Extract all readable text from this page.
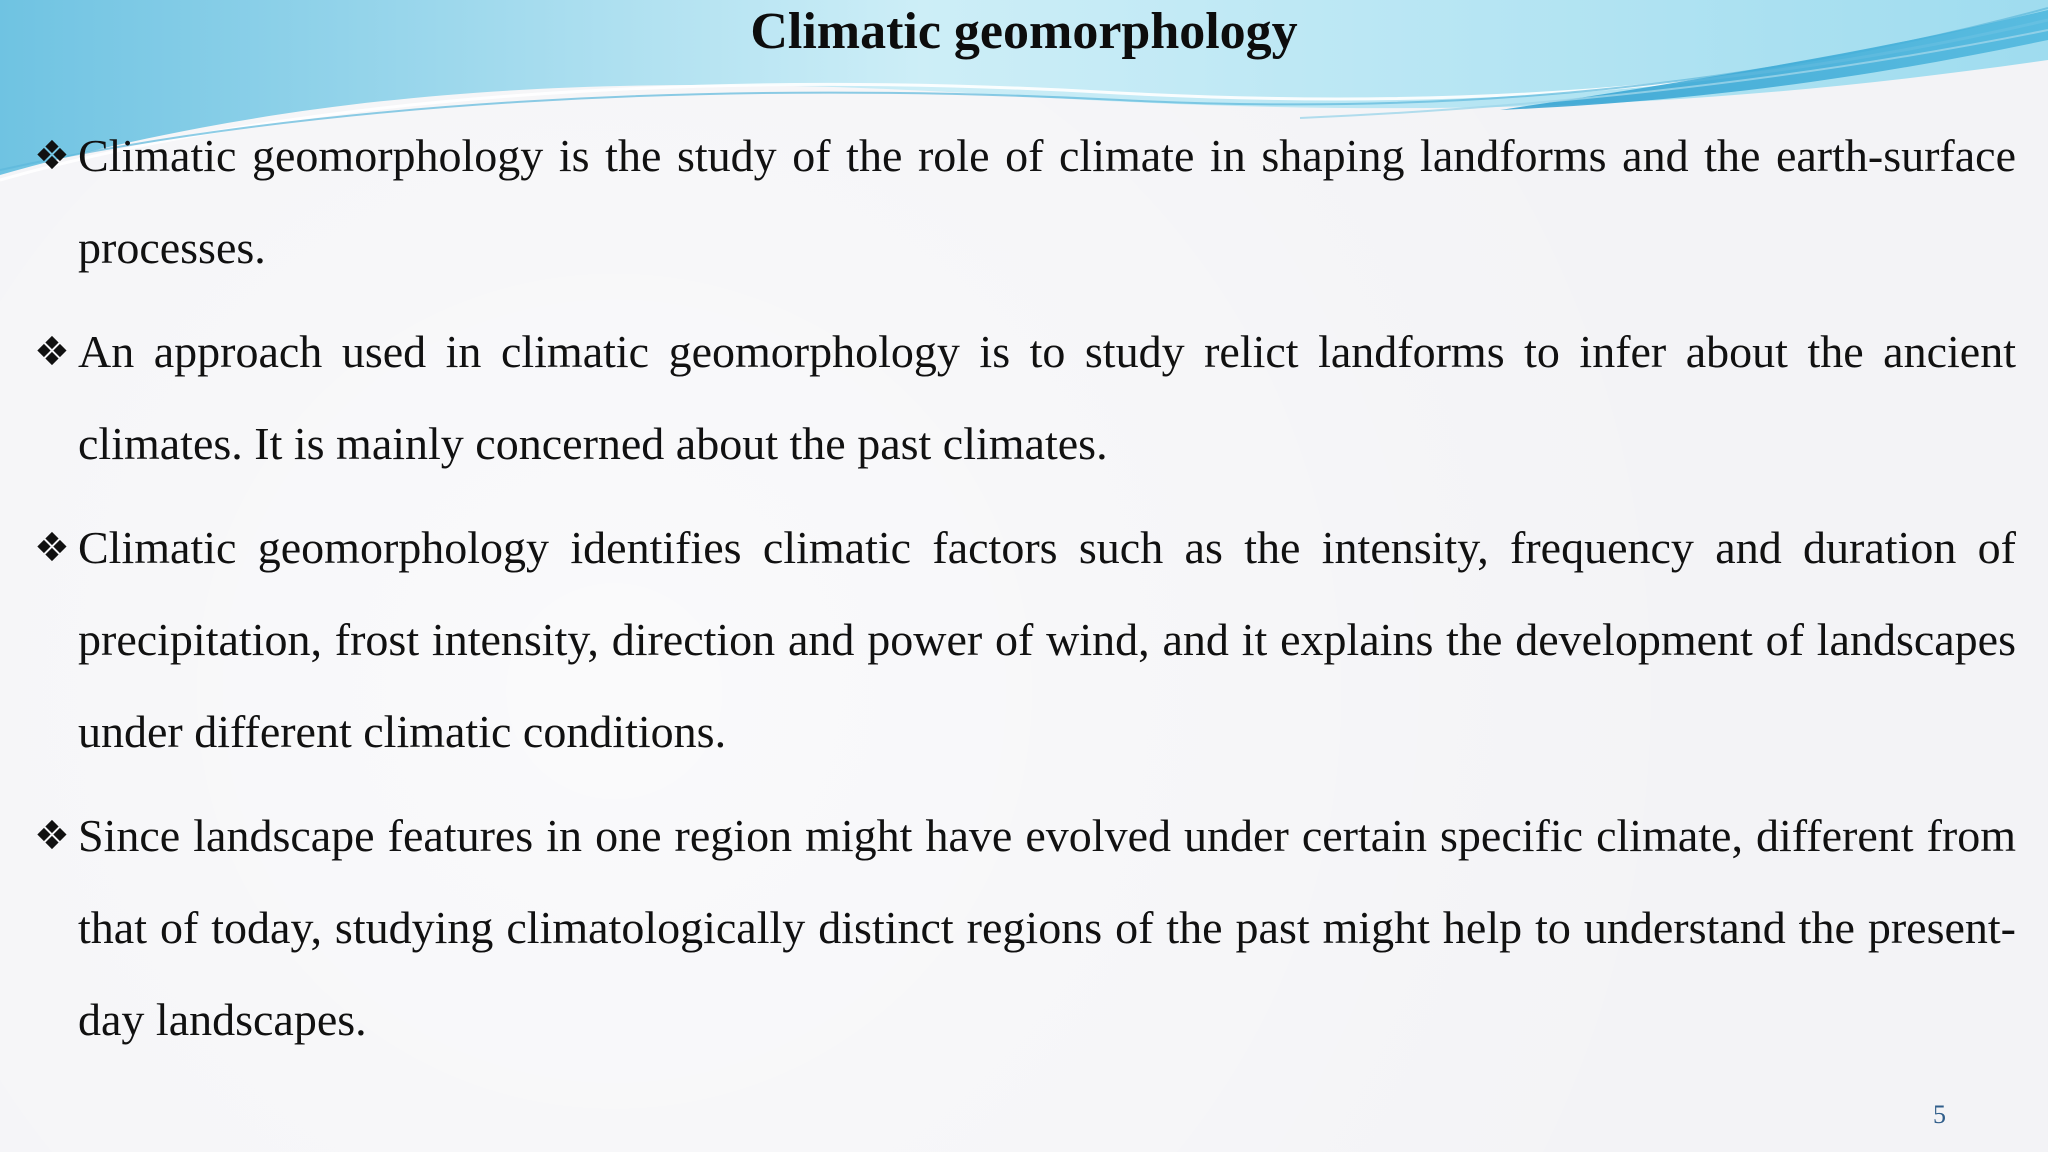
Climatic geomorphology

❖ Climatic geomorphology is the study of the role of climate in shaping landforms and the earth-surface processes.

❖ An approach used in climatic geomorphology is to study relict landforms to infer about the ancient climates. It is mainly concerned about the past climates.

❖ Climatic geomorphology identifies climatic factors such as the intensity, frequency and duration of precipitation, frost intensity, direction and power of wind, and it explains the development of landscapes under different climatic conditions.

❖ Since landscape features in one region might have evolved under certain specific climate, different from that of today, studying climatologically distinct regions of the past might help to understand the present-day landscapes.

5
